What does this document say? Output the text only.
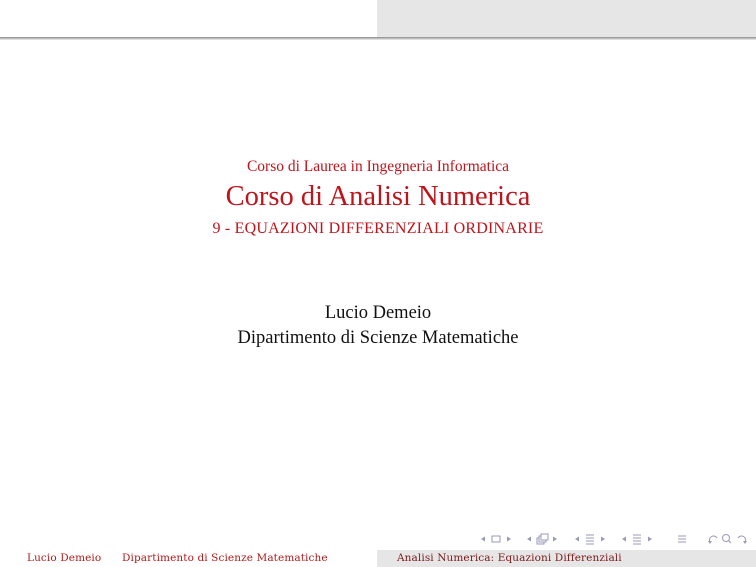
Corso di Laurea in Ingegneria Informatica
Corso di Analisi Numerica
9 - EQUAZIONI DIFFERENZIALI ORDINARIE
Lucio Demeio
Dipartimento di Scienze Matematiche
Lucio Demeio Dipartimento di Scienze Matematiche	Analisi Numerica: Equazioni Differenziali
